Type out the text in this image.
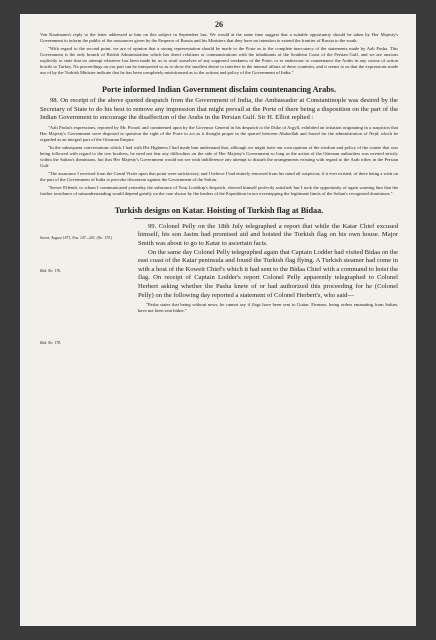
26

Von Kaufmann's reply to the letter addressed to him on this subject in September last. We would at the same time suggest that a suitable opportunity should be taken by Her Majesty's Government to inform the public of the assurances given by the Emperor of Russia and his Ministers that they have no intention to extend the frontier of Russia to the south.

"With regard to the second point, we are of opinion that a strong representation should be made to the Porte as to the complete inaccuracy of the statements made by Aali Pasha. This Government is the only branch of British Administration which has direct relations or communications with the inhabitants of the Southern Coast of the Persian Gulf, and we are anxious explicitly to state that no attempt whatever has been made by us to avail ourselves of any supposed weakness of the Porte, or to endeavour to countenance the Arabs in any course of action hostile to Turkey. No proceedings on our part can be interpreted so as to show the smallest desire to interfere in the internal affairs of these countries, and it seems to us that the expressions made use of by the Turkish Minister indicate that he has been completely misinformed as to the actions and policy of the Government of India."

Porte informed Indian Government disclaim countenancing Arabs.

98. On receipt of the above quoted despatch from the Government of India, the Ambassador at Constantinople was desired by the Secretary of State to do his best to remove any impression that might prevail at the Porte of there being a disposition on the part of the Indian Government to encourage the disaffection of the Arabs in the Persian Gulf. Sir H. Elliot replied :

"Aali Pasha's expressions, reported by Mr. Picard, and commented upon by the Governor General in his despatch to the Duke of Argyll, exhibited an irritation originating in a suspicion that Her Majesty's Government were disposed to question the right of the Porte to act as it thought proper in the quarrel between Abdoollah and Saood for the administration of Nejd, which he regarded as an integral part of the Ottoman Empire.

"In the subsequent conversations which I had with His Highness I had made him understand that, although we might have our own opinion of the wisdom and policy of the course that was being followed with regard to the two brothers, he need not fear any difficulties on the side of Her Majesty's Government so long as the action of the Ottoman authorities was exerted strictly within the Sultan's dominions, but that Her Majesty's Government would not see with indifference any attempt to disturb the arrangements existing with regard to the Arab tribes in the Persian Gulf.

"The assurance I received from the Grand Vizier upon that point were satisfactory, and I believe I had entirely removed from his mind all suspicion; if it ever existed, of there being a wish on the part of the Government of India to provoke discontent against the Government of the Sultan.

"Server Effendi, to whom I communicated yesterday the substance of Your Lordship's despatch, showed himself perfectly satisfied; but I took the opportunity of again warning him that the further avoidance of misunderstanding would depend greatly on the care shown by the leaders of the Expedition in not overstepping the legitimate limits of the Sultan's recognised dominions."

Turkish designs on Katar. Hoisting of Turkish flag at Bidaa.
Secret, August 1871, Nos. 147—201. (No. 170.)

99. Colonel Pelly on the 18th July telegraphed a report that while the Katar Chief excused himself, his son Jasim had promised aid and hoisted the Turkish flag on his own house. Major Smith was about to go to Katar to ascertain facts.

Ibid. No. 176.

Ibid. No. 178.

On the same day Colonel Pelly telegraphed again that Captain Lodder had visited Bidaa on the east coast of the Katar peninsula and found the Turkish flag flying. A Turkish steamer had come in with a host of the Koweit Chief's which it had sent to the Bidaa Chief with a command to hoist the flag. On receipt of Captain Lodder's report Colonel Pelly apparently telegraphed to Colonel Herbert asking whether the Pasha knew of or had authorized this proceeding for he (Colonel Pelly) on the following day reported a statement of Colonel Herbert's, who said—

"Pasha states that being without news, he cannot say if flags have been sent to Guttar. Firmans, being orders emanating from Sultan, have not been sent hither."
